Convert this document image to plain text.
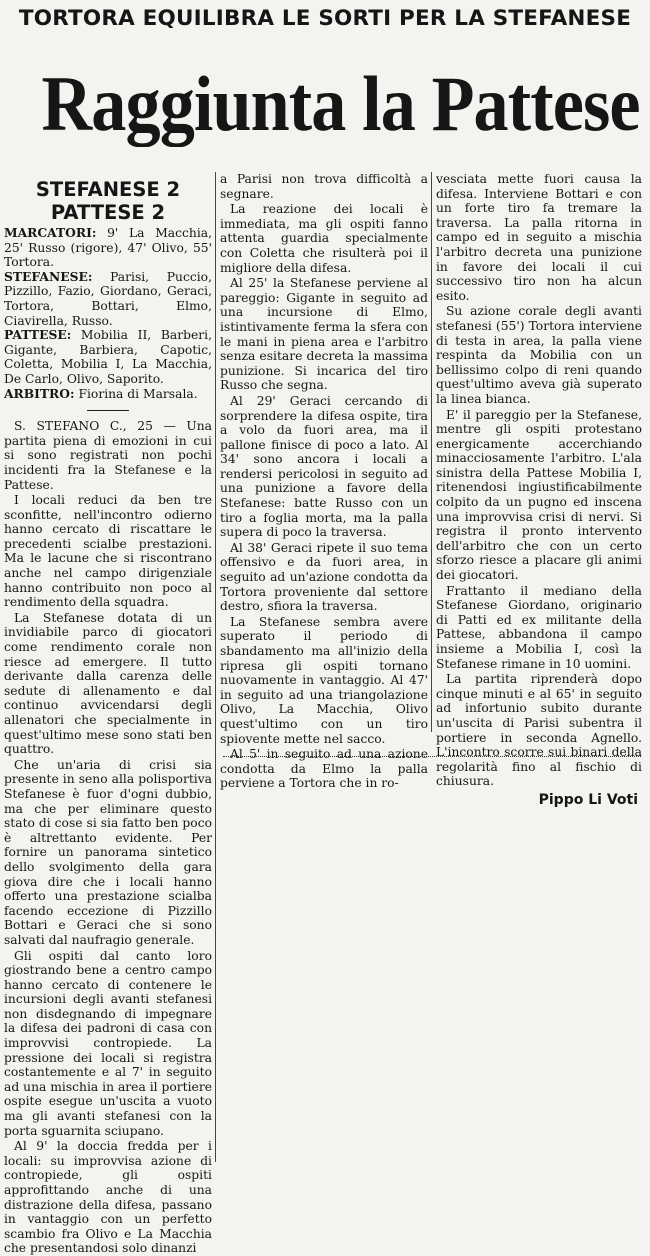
TORTORA EQUILIBRA LE SORTI PER LA STEFANESE
Raggiunta la Pattese
STEFANESE 2
PATTESE 2

MARCATORI: 9' La Macchia, 25' Russo (rigore), 47' Olivo, 55' Tortora.

STEFANESE: Parisi, Puccio, Pizzillo, Fazio, Giordano, Geraci, Tortora, Bottari, Elmo, Ciavirella, Russo.

PATTESE: Mobilia II, Barberi, Gigante, Barbiera, Capotic, Coletta, Mobilia I, La Macchia, De Carlo, Olivo, Saporito.

ARBITRO: Fiorina di Marsala.

S. STEFANO C., 25 — Una partita piena di emozioni in cui si sono registrati non pochi incidenti fra la Stefanese e la Pattese.

I locali reduci da ben tre sconfitte, nell'incontro odierno hanno cercato di riscattare le precedenti scialbe prestazioni. Ma le lacune che si riscontrano anche nel campo dirigenziale hanno contribuito non poco al rendimento della squadra.

La Stefanese dotata di un invidiabile parco di giocatori come rendimento corale non riesce ad emergere. Il tutto derivante dalla carenza delle sedute di allenamento e dal continuo avvicendarsi degli allenatori che specialmente in quest'ultimo mese sono stati ben quattro.

Che un'aria di crisi sia presente in seno alla polisportiva Stefanese è fuor d'ogni dubbio, ma che per eliminare questo stato di cose si sia fatto ben poco è altrettanto evidente. Per fornire un panorama sintetico dello svolgimento della gara giova dire che i locali hanno offerto una prestazione scialba facendo eccezione di Pizzillo Bottari e Geraci che si sono salvati dal naufragio generale.

Gli ospiti dal canto loro giostrando bene a centro campo hanno cercato di contenere le incursioni degli avanti stefanesi non disdegnando di impegnare la difesa dei padroni di casa con improvvisi contropiede. La pressione dei locali si registra costantemente e al 7' in seguito ad una mischia in area il portiere ospite esegue un'uscita a vuoto ma gli avanti stefanesi con la porta sguarnita sciupano.

Al 9' la doccia fredda per i locali: su improvvisa azione di contropiede, gli ospiti approfittando anche di una distrazione della difesa, passano in vantaggio con un perfetto scambio fra Olivo e La Macchia che presentandosi solo dinanzi

a Parisi non trova difficoltà a segnare.

La reazione dei locali è immediata, ma gli ospiti fanno attenta guardia specialmente con Coletta che risulterà poi il migliore della difesa.

Al 25' la Stefanese perviene al pareggio: Gigante in seguito ad una incursione di Elmo, istintivamente ferma la sfera con le mani in piena area e l'arbitro senza esitare decreta la massima punizione. Si incarica del tiro Russo che segna.

Al 29' Geraci cercando di sorprendere la difesa ospite, tira a volo da fuori area, ma il pallone finisce di poco a lato. Al 34' sono ancora i locali a rendersi pericolosi in seguito ad una punizione a favore della Stefanese: batte Russo con un tiro a foglia morta, ma la palla supera di poco la traversa.

Al 38' Geraci ripete il suo tema offensivo e da fuori area, in seguito ad un'azione condotta da Tortora proveniente dal settore destro, sfiora la traversa.

La Stefanese sembra avere superato il periodo di sbandamento ma all'inizio della ripresa gli ospiti tornano nuovamente in vantaggio. Al 47' in seguito ad una triangolazione Olivo, La Macchia, Olivo quest'ultimo con un tiro spiovente mette nel sacco.

Al 5' in seguito ad una azione condotta da Elmo la palla perviene a Tortora che in ro-

vesciata mette fuori causa la difesa. Interviene Bottari e con un forte tiro fa tremare la traversa. La palla ritorna in campo ed in seguito a mischia l'arbitro decreta una punizione in favore dei locali il cui successivo tiro non ha alcun esito.

Su azione corale degli avanti stefanesi (55') Tortora interviene di testa in area, la palla viene respinta da Mobilia con un bellissimo colpo di reni quando quest'ultimo aveva già superato la linea bianca.

E' il pareggio per la Stefanese, mentre gli ospiti protestano energicamente accerchiando minacciosamente l'arbitro. L'ala sinistra della Pattese Mobilia I, ritenendosi ingiustificabilmente colpito da un pugno ed inscena una improvvisa crisi di nervi. Si registra il pronto intervento dell'arbitro che con un certo sforzo riesce a placare gli animi dei giocatori.

Frattanto il mediano della Stefanese Giordano, originario di Patti ed ex militante della Pattese, abbandona il campo insieme a Mobilia I, così la Stefanese rimane in 10 uomini.

La partita riprenderà dopo cinque minuti e al 65' in seguito ad infortunio subito durante un'uscita di Parisi subentra il portiere in seconda Agnello. L'incontro scorre sui binari della regolarità fino al fischio di chiusura.

Pippo Li Voti
